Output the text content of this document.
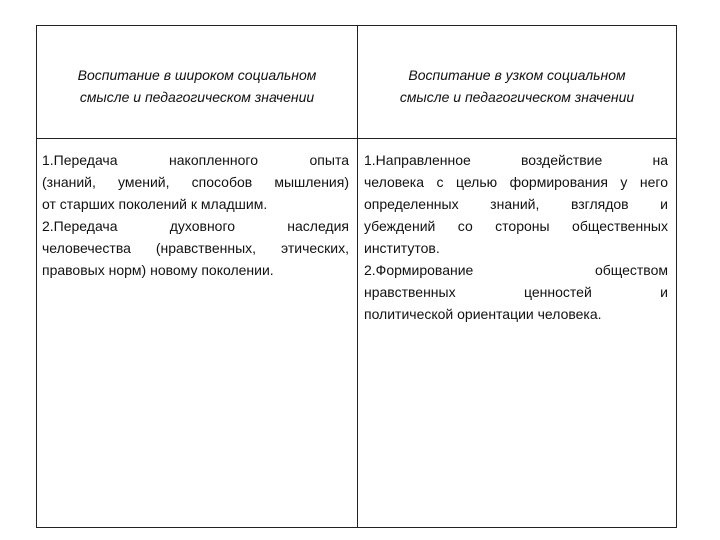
Воспитание в широком социальном
смысле и педагогическом значении
Воспитание в узком социальном
смысле и педагогическом значении
1.Передача накопленного опыта
(знаний, умений, способов мышления)
от старших поколений к младшим.
2.Передача духовного наследия
человечества (нравственных, этических,
правовых норм) новому поколении.
1.Направленное воздействие на
человека с целью формирования у него
определенных знаний, взглядов и
убеждений со стороны общественных
институтов.
2.Формирование обществом
нравственных ценностей и
политической ориентации человека.
